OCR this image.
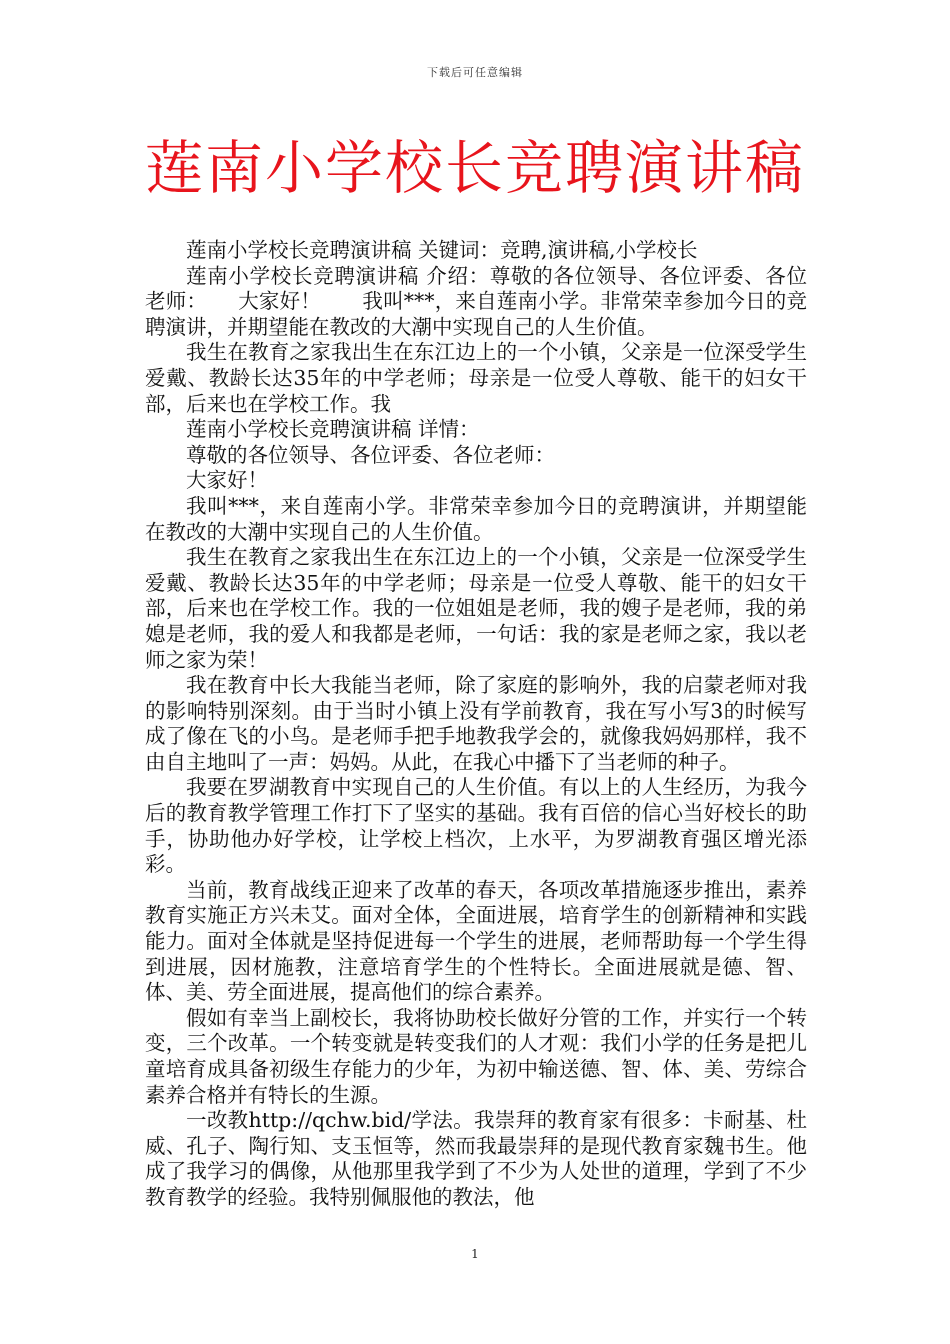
下载后可任意编辑
莲南小学校长竞聘演讲稿

莲南小学校长竞聘演讲稿 关键词：竞聘,演讲稿,小学校长

莲南小学校长竞聘演讲稿 介绍：尊敬的各位领导、各位评委、各位老师：　　大家好！　　我叫***，来自莲南小学。非常荣幸参加今日的竞聘演讲，并期望能在教改的大潮中实现自己的人生价值。

我生在教育之家我出生在东江边上的一个小镇，父亲是一位深受学生爱戴、教龄长达35年的中学老师；母亲是一位受人尊敬、能干的妇女干部，后来也在学校工作。我

莲南小学校长竞聘演讲稿 详情：

尊敬的各位领导、各位评委、各位老师：

大家好！

我叫***，来自莲南小学。非常荣幸参加今日的竞聘演讲，并期望能在教改的大潮中实现自己的人生价值。

我生在教育之家我出生在东江边上的一个小镇，父亲是一位深受学生爱戴、教龄长达35年的中学老师；母亲是一位受人尊敬、能干的妇女干部，后来也在学校工作。我的一位姐姐是老师，我的嫂子是老师，我的弟媳是老师，我的爱人和我都是老师，一句话：我的家是老师之家，我以老师之家为荣！

我在教育中长大我能当老师，除了家庭的影响外，我的启蒙老师对我的影响特别深刻。由于当时小镇上没有学前教育，我在写小写3的时候写成了像在飞的小鸟。是老师手把手地教我学会的，就像我妈妈那样，我不由自主地叫了一声：妈妈。从此，在我心中播下了当老师的种子。

我要在罗湖教育中实现自己的人生价值。有以上的人生经历，为我今后的教育教学管理工作打下了坚实的基础。我有百倍的信心当好校长的助手，协助他办好学校，让学校上档次，上水平，为罗湖教育强区增光添彩。

当前，教育战线正迎来了改革的春天，各项改革措施逐步推出，素养教育实施正方兴未艾。面对全体，全面进展，培育学生的创新精神和实践能力。面对全体就是坚持促进每一个学生的进展，老师帮助每一个学生得到进展，因材施教，注意培育学生的个性特长。全面进展就是德、智、体、美、劳全面进展，提高他们的综合素养。

假如有幸当上副校长，我将协助校长做好分管的工作，并实行一个转变，三个改革。一个转变就是转变我们的人才观：我们小学的任务是把儿童培育成具备初级生存能力的少年，为初中输送德、智、体、美、劳综合素养合格并有特长的生源。

一改教http://qchw.bid/学法。我崇拜的教育家有很多：卡耐基、杜威、孔子、陶行知、支玉恒等，然而我最崇拜的是现代教育家魏书生。他成了我学习的偶像，从他那里我学到了不少为人处世的道理，学到了不少教育教学的经验。我特别佩服他的教法，他

1
